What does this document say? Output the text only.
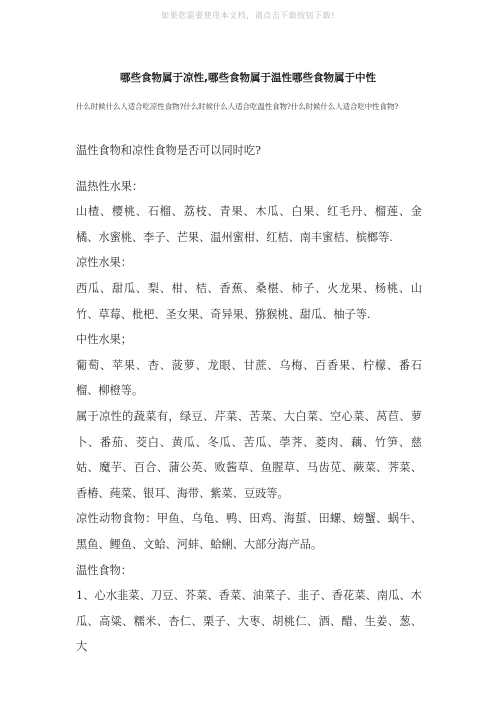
如果您需要使用本文档，请点击下载按钮下载!
哪些食物属于凉性,哪些食物属于温性哪些食物属于中性
什么时候什么人适合吃凉性食物?什么时候什么人适合吃温性食物?什么时候什么人适合吃中性食物?

温性食物和凉性食物是否可以同时吃?

温热性水果：

山楂、樱桃、石榴、荔枝、青果、木瓜、白果、红毛丹、榴莲、金橘、水蜜桃、李子、芒果、温州蜜柑、红桔、南丰蜜桔、槟榔等.

凉性水果：

西瓜、甜瓜、梨、柑、桔、香蕉、桑椹、柿子、火龙果、杨桃、山竹、草莓、枇杷、圣女果、奇异果、猕猴桃、甜瓜、柚子等.

中性水果；

葡萄、苹果、杏、菠萝、龙眼、甘蔗、乌梅、百香果、柠檬、番石榴、柳橙等。

属于凉性的蔬菜有，绿豆、芹菜、苦菜、大白菜、空心菜、莴苣、萝卜、番茄、茭白、黄瓜、冬瓜、苦瓜、荸荠、菱肉、藕、竹笋、慈姑、魔芋、百合、蒲公英、败酱草、鱼腥草、马齿苋、蕨菜、荠菜、香椿、莼菜、银耳、海带、紫菜、豆豉等。

凉性动物食物：甲鱼、乌龟、鸭、田鸡、海蜇、田螺、螃蟹、蜗牛、黑鱼、鲤鱼、文蛤、河蚌、蛤蜊、大部分海产品。

温性食物：

1、心水韭菜、刀豆、芥菜、香菜、油菜子、韭子、香花菜、南瓜、木瓜、高粱、糯米、杏仁、栗子、大枣、胡桃仁、酒、醋、生姜、葱、大
